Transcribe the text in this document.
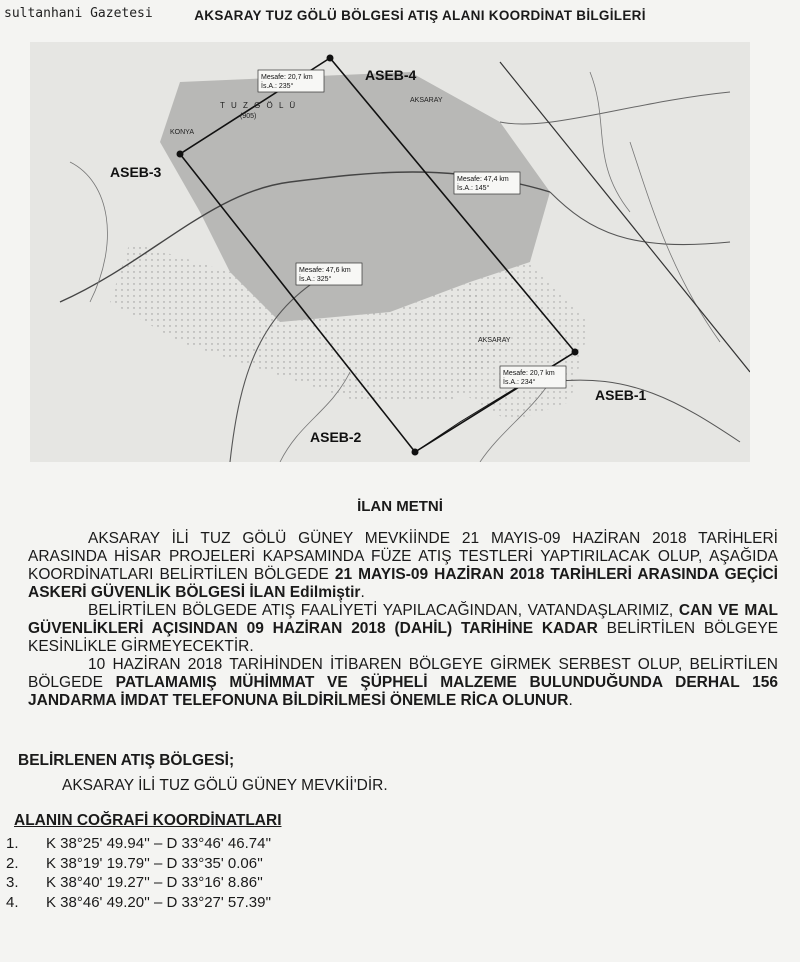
sultanhani Gazetesi	AKSARAY TUZ GÖLÜ BÖLGESİ ATIŞ ALANI KOORDİNAT BİLGİLERİ
ASEB-4
ASEB-3
ASEB-2
ASEB-1
T U Z G Ö L Ü
(905)
KONYA
AKSARAY
AKSARAY
Mesafe: 20,7 km
İs.A.: 235°
Mesafe: 47,4 km
İs.A.: 145°
Mesafe: 47,6 km
İs.A.: 325°
Mesafe: 20,7 km
İs.A.: 234°
İLAN METNİ

AKSARAY İLİ TUZ GÖLÜ GÜNEY MEVKİİNDE 21 MAYIS-09 HAZİRAN 2018 TARİHLERİ ARASINDA HİSAR PROJELERİ KAPSAMINDA FÜZE ATIŞ TESTLERİ YAPTIRILACAK OLUP, AŞAĞIDA KOORDİNATLARI BELİRTİLEN BÖLGEDE 21 MAYIS-09 HAZİRAN 2018 TARİHLERİ ARASINDA GEÇİCİ ASKERİ GÜVENLİK BÖLGESİ İLAN Edilmiştir.

BELİRTİLEN BÖLGEDE ATIŞ FAALİYETİ YAPILACAĞINDAN, VATANDAŞLARIMIZ, CAN VE MAL GÜVENLİKLERİ AÇISINDAN 09 HAZİRAN 2018 (DAHİL) TARİHİNE KADAR BELİRTİLEN BÖLGEYE KESİNLİKLE GİRMEYECEKTİR.

10 HAZİRAN 2018 TARİHİNDEN İTİBAREN BÖLGEYE GİRMEK SERBEST OLUP, BELİRTİLEN BÖLGEDE PATLAMAMIŞ MÜHİMMAT VE ŞÜPHELİ MALZEME BULUNDUĞUNDA DERHAL 156 JANDARMA İMDAT TELEFONUNA BİLDİRİLMESİ ÖNEMLE RİCA OLUNUR.

BELİRLENEN ATIŞ BÖLGESİ;
AKSARAY İLİ TUZ GÖLÜ GÜNEY MEVKİİ'DİR.
ALANIN COĞRAFİ KOORDİNATLARI
1.	K 38°25' 49.94'' – D 33°46' 46.74''
2.	K 38°19' 19.79'' – D 33°35' 0.06''
3.	K 38°40' 19.27'' – D 33°16' 8.86''
4.	K 38°46' 49.20'' – D 33°27' 57.39''
